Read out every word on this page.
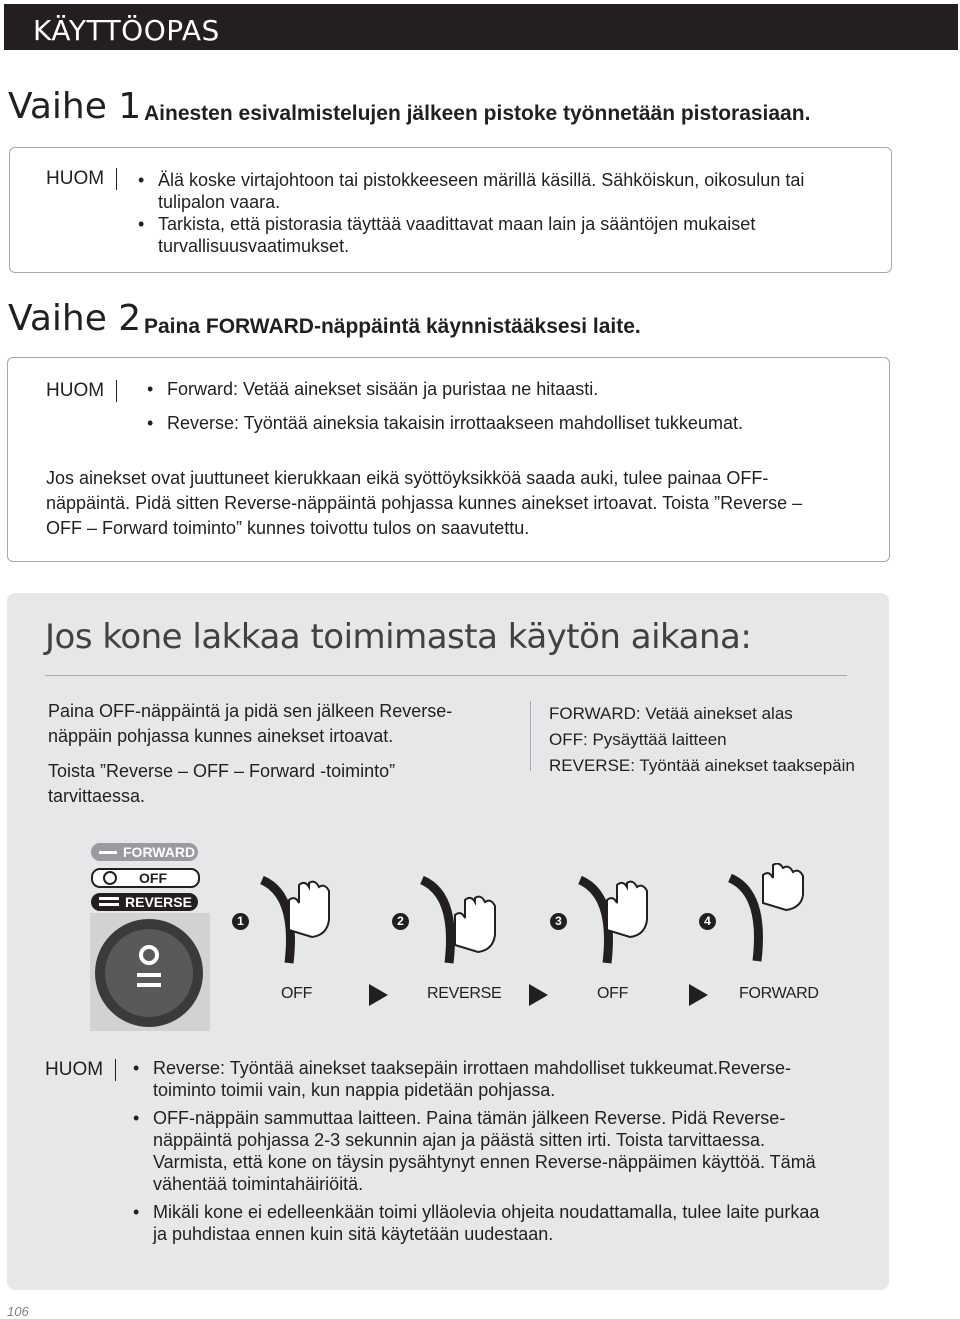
KÄYTTÖOPAS
Vaihe 1 Ainesten esivalmistelujen jälkeen pistoke työnnetään pistorasiaan.
HUOM	• Älä koske virtajohtoon tai pistokkeeseen märillä käsillä. Sähköiskun, oikosulun tai tulipalon vaara.
• Tarkista, että pistorasia täyttää vaadittavat maan lain ja sääntöjen mukaiset turvallisuusvaatimukset.
Vaihe 2 Paina FORWARD-näppäintä käynnistääksesi laite.
HUOM	• Forward: Vetää ainekset sisään ja puristaa ne hitaasti.
• Reverse: Työntää aineksia takaisin irrottaakseen mahdolliset tukkeumat.
Jos ainekset ovat juuttuneet kierukkaan eikä syöttöyksikköä saada auki, tulee painaa OFF-näppäintä. Pidä sitten Reverse-näppäintä pohjassa kunnes ainekset irtoavat. Toista ”Reverse – OFF – Forward toiminto” kunnes toivottu tulos on saavutettu.
Jos kone lakkaa toimimasta käytön aikana:
Paina OFF-näppäintä ja pidä sen jälkeen Reverse-näppäin pohjassa kunnes ainekset irtoavat.
Toista ”Reverse – OFF – Forward -toiminto” tarvittaessa.
FORWARD: Vetää ainekset alas
OFF: Pysäyttää laitteen
REVERSE: Työntää ainekset taaksepäin
FORWARD
OFF
REVERSE
1	2	3	4
OFF	REVERSE	OFF	FORWARD
HUOM	• Reverse: Työntää ainekset taaksepäin irrottaen mahdolliset tukkeumat.Reverse-toiminto toimii vain, kun nappia pidetään pohjassa.
• OFF-näppäin sammuttaa laitteen. Paina tämän jälkeen Reverse. Pidä Reverse-näppäintä pohjassa 2-3 sekunnin ajan ja päästä sitten irti. Toista tarvittaessa. Varmista, että kone on täysin pysähtynyt ennen Reverse-näppäimen käyttöä. Tämä vähentää toimintahäiriöitä.
• Mikäli kone ei edelleenkään toimi ylläolevia ohjeita noudattamalla, tulee laite purkaa ja puhdistaa ennen kuin sitä käytetään uudestaan.
106
